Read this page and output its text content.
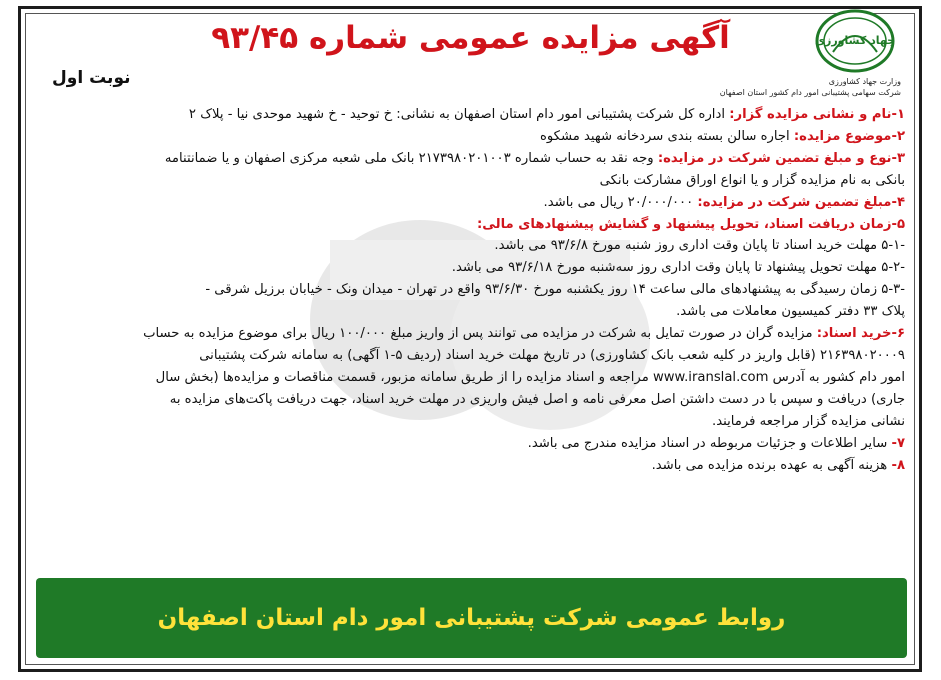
جهاد کشاورزی
وزارت جهاد کشاورزی
شرکت سهامی پشتیبانی امور دام کشور استان اصفهان
آگهی مزایده عمومی شماره ۹۳/۴۵
نوبت اول
۱-نام و نشانی مزایده گزار: اداره کل شرکت پشتیبانی امور دام استان اصفهان به نشانی: خ توحید - خ شهید موحدی نیا - پلاک ۲
۲-موضوع مزایده: اجاره سالن بسته بندی سردخانه شهید مشکوه
۳-نوع و مبلغ تضمین شرکت در مزایده: وجه نقد به حساب شماره ۲۱۷۳۹۸۰۲۰۱۰۰۳ بانک ملی شعبه مرکزی اصفهان و یا ضمانتنامه
بانکی به نام مزایده گزار و یا انواع اوراق مشارکت بانکی
۴-مبلغ تضمین شرکت در مزایده: ۲۰/۰۰۰/۰۰۰ ریال می باشد.
۵-زمان دریافت اسناد، تحویل پیشنهاد و گشایش پیشنهادهای مالی:
-۵-۱ مهلت خرید اسناد تا پایان وقت اداری روز شنبه مورخ ۹۳/۶/۸ می باشد.
-۵-۲ مهلت تحویل پیشنهاد تا پایان وقت اداری روز سه‌شنبه مورخ ۹۳/۶/۱۸ می باشد.
-۵-۳ زمان رسیدگی به پیشنهادهای مالی ساعت ۱۴ روز یکشنبه مورخ ۹۳/۶/۳۰ واقع در تهران - میدان ونک - خیابان برزیل شرقی -
پلاک ۳۳ دفتر کمیسیون معاملات می باشد.
۶-خرید اسناد: مزایده گران در صورت تمایل به شرکت در مزایده می توانند پس از واریز مبلغ ۱۰۰/۰۰۰ ریال برای موضوع مزایده به حساب
۲۱۶۳۹۸۰۲۰۰۰۹ (قابل واریز در کلیه شعب بانک کشاورزی) در تاریخ مهلت خرید اسناد (ردیف ۵-۱ آگهی) به سامانه شرکت پشتیبانی
امور دام کشور به آدرس www.iranslal.com مراجعه و اسناد مزایده را از طریق سامانه مزبور، قسمت مناقصات و مزایده‌ها (بخش سال
جاری) دریافت و سپس با در دست داشتن اصل معرفی نامه و اصل فیش واریزی در مهلت خرید اسناد، جهت دریافت پاکت‌های مزایده به
نشانی مزایده گزار مراجعه فرمایند.
۷- سایر اطلاعات و جزئیات مربوطه در اسناد مزایده مندرج می باشد.
۸- هزینه آگهی به عهده برنده مزایده می باشد.
روابط عمومی شرکت پشتیبانی امور دام استان اصفهان
